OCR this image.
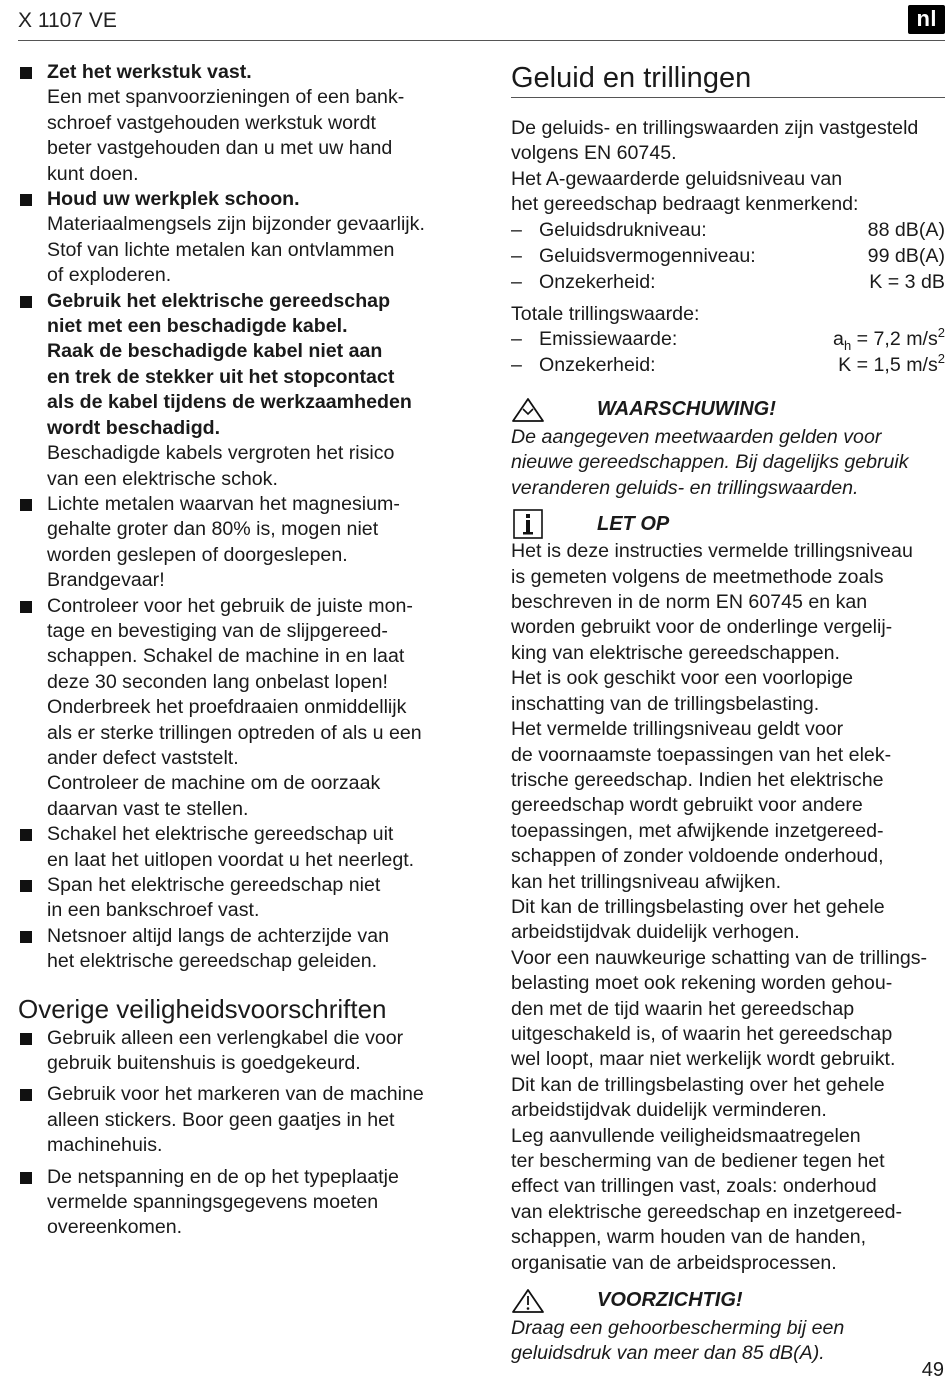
X 1107 VE	nl
Zet het werkstuk vast.
Een met spanvoorzieningen of een bank-
schroef vastgehouden werkstuk wordt
beter vastgehouden dan u met uw hand
kunt doen.
Houd uw werkplek schoon.
Materiaalmengsels zijn bijzonder gevaarlijk.
Stof van lichte metalen kan ontvlammen
of exploderen.
Gebruik het elektrische gereedschap
niet met een beschadigde kabel.
Raak de beschadigde kabel niet aan
en trek de stekker uit het stopcontact
als de kabel tijdens de werkzaamheden
wordt beschadigd.
Beschadigde kabels vergroten het risico
van een elektrische schok.
Lichte metalen waarvan het magnesium-
gehalte groter dan 80% is, mogen niet
worden geslepen of doorgeslepen.
Brandgevaar!
Controleer voor het gebruik de juiste mon-
tage en bevestiging van de slijpgereed-
schappen. Schakel de machine in en laat
deze 30 seconden lang onbelast lopen!
Onderbreek het proefdraaien onmiddellijk
als er sterke trillingen optreden of als u een
ander defect vaststelt.
Controleer de machine om de oorzaak
daarvan vast te stellen.
Schakel het elektrische gereedschap uit
en laat het uitlopen voordat u het neerlegt.
Span het elektrische gereedschap niet
in een bankschroef vast.
Netsnoer altijd langs de achterzijde van
het elektrische gereedschap geleiden.
Overige veiligheidsvoorschriften
Gebruik alleen een verlengkabel die voor
gebruik buitenshuis is goedgekeurd.
Gebruik voor het markeren van de machine
alleen stickers. Boor geen gaatjes in het
machinehuis.
De netspanning en de op het typeplaatje
vermelde spanningsgegevens moeten
overeenkomen.
Geluid en trillingen

De geluids- en trillingswaarden zijn vastgesteld
volgens EN 60745.
Het A-gewaarderde geluidsniveau van
het gereedschap bedraagt kenmerkend:

– Geluidsdrukniveau:	88 dB(A)
– Geluidsvermogenniveau:	99 dB(A)
– Onzekerheid:	K = 3 dB

Totale trillingswaarde:

– Emissiewaarde:	$a_h = 7,2$ $m/s^2$
– Onzekerheid:	K = 1,5 $m/s^2$
WAARSCHUWING!

De aangegeven meetwaarden gelden voor
nieuwe gereedschappen. Bij dagelijks gebruik
veranderen geluids- en trillingswaarden.

LET OP

Het is deze instructies vermelde trillingsniveau
is gemeten volgens de meetmethode zoals
beschreven in de norm EN 60745 en kan
worden gebruikt voor de onderlinge vergelij-
king van elektrische gereedschappen.
Het is ook geschikt voor een voorlopige
inschatting van de trillingsbelasting.
Het vermelde trillingsniveau geldt voor
de voornaamste toepassingen van het elek-
trische gereedschap. Indien het elektrische
gereedschap wordt gebruikt voor andere
toepassingen, met afwijkende inzetgereed-
schappen of zonder voldoende onderhoud,
kan het trillingsniveau afwijken.
Dit kan de trillingsbelasting over het gehele
arbeidstijdvak duidelijk verhogen.
Voor een nauwkeurige schatting van de trillings-
belasting moet ook rekening worden gehou-
den met de tijd waarin het gereedschap
uitgeschakeld is, of waarin het gereedschap
wel loopt, maar niet werkelijk wordt gebruikt.
Dit kan de trillingsbelasting over het gehele
arbeidstijdvak duidelijk verminderen.
Leg aanvullende veiligheidsmaatregelen
ter bescherming van de bediener tegen het
effect van trillingen vast, zoals: onderhoud
van elektrische gereedschap en inzetgereed-
schappen, warm houden van de handen,
organisatie van de arbeidsprocessen.

VOORZICHTIG!

Draag een gehoorbescherming bij een
geluidsdruk van meer dan 85 dB(A).

49
